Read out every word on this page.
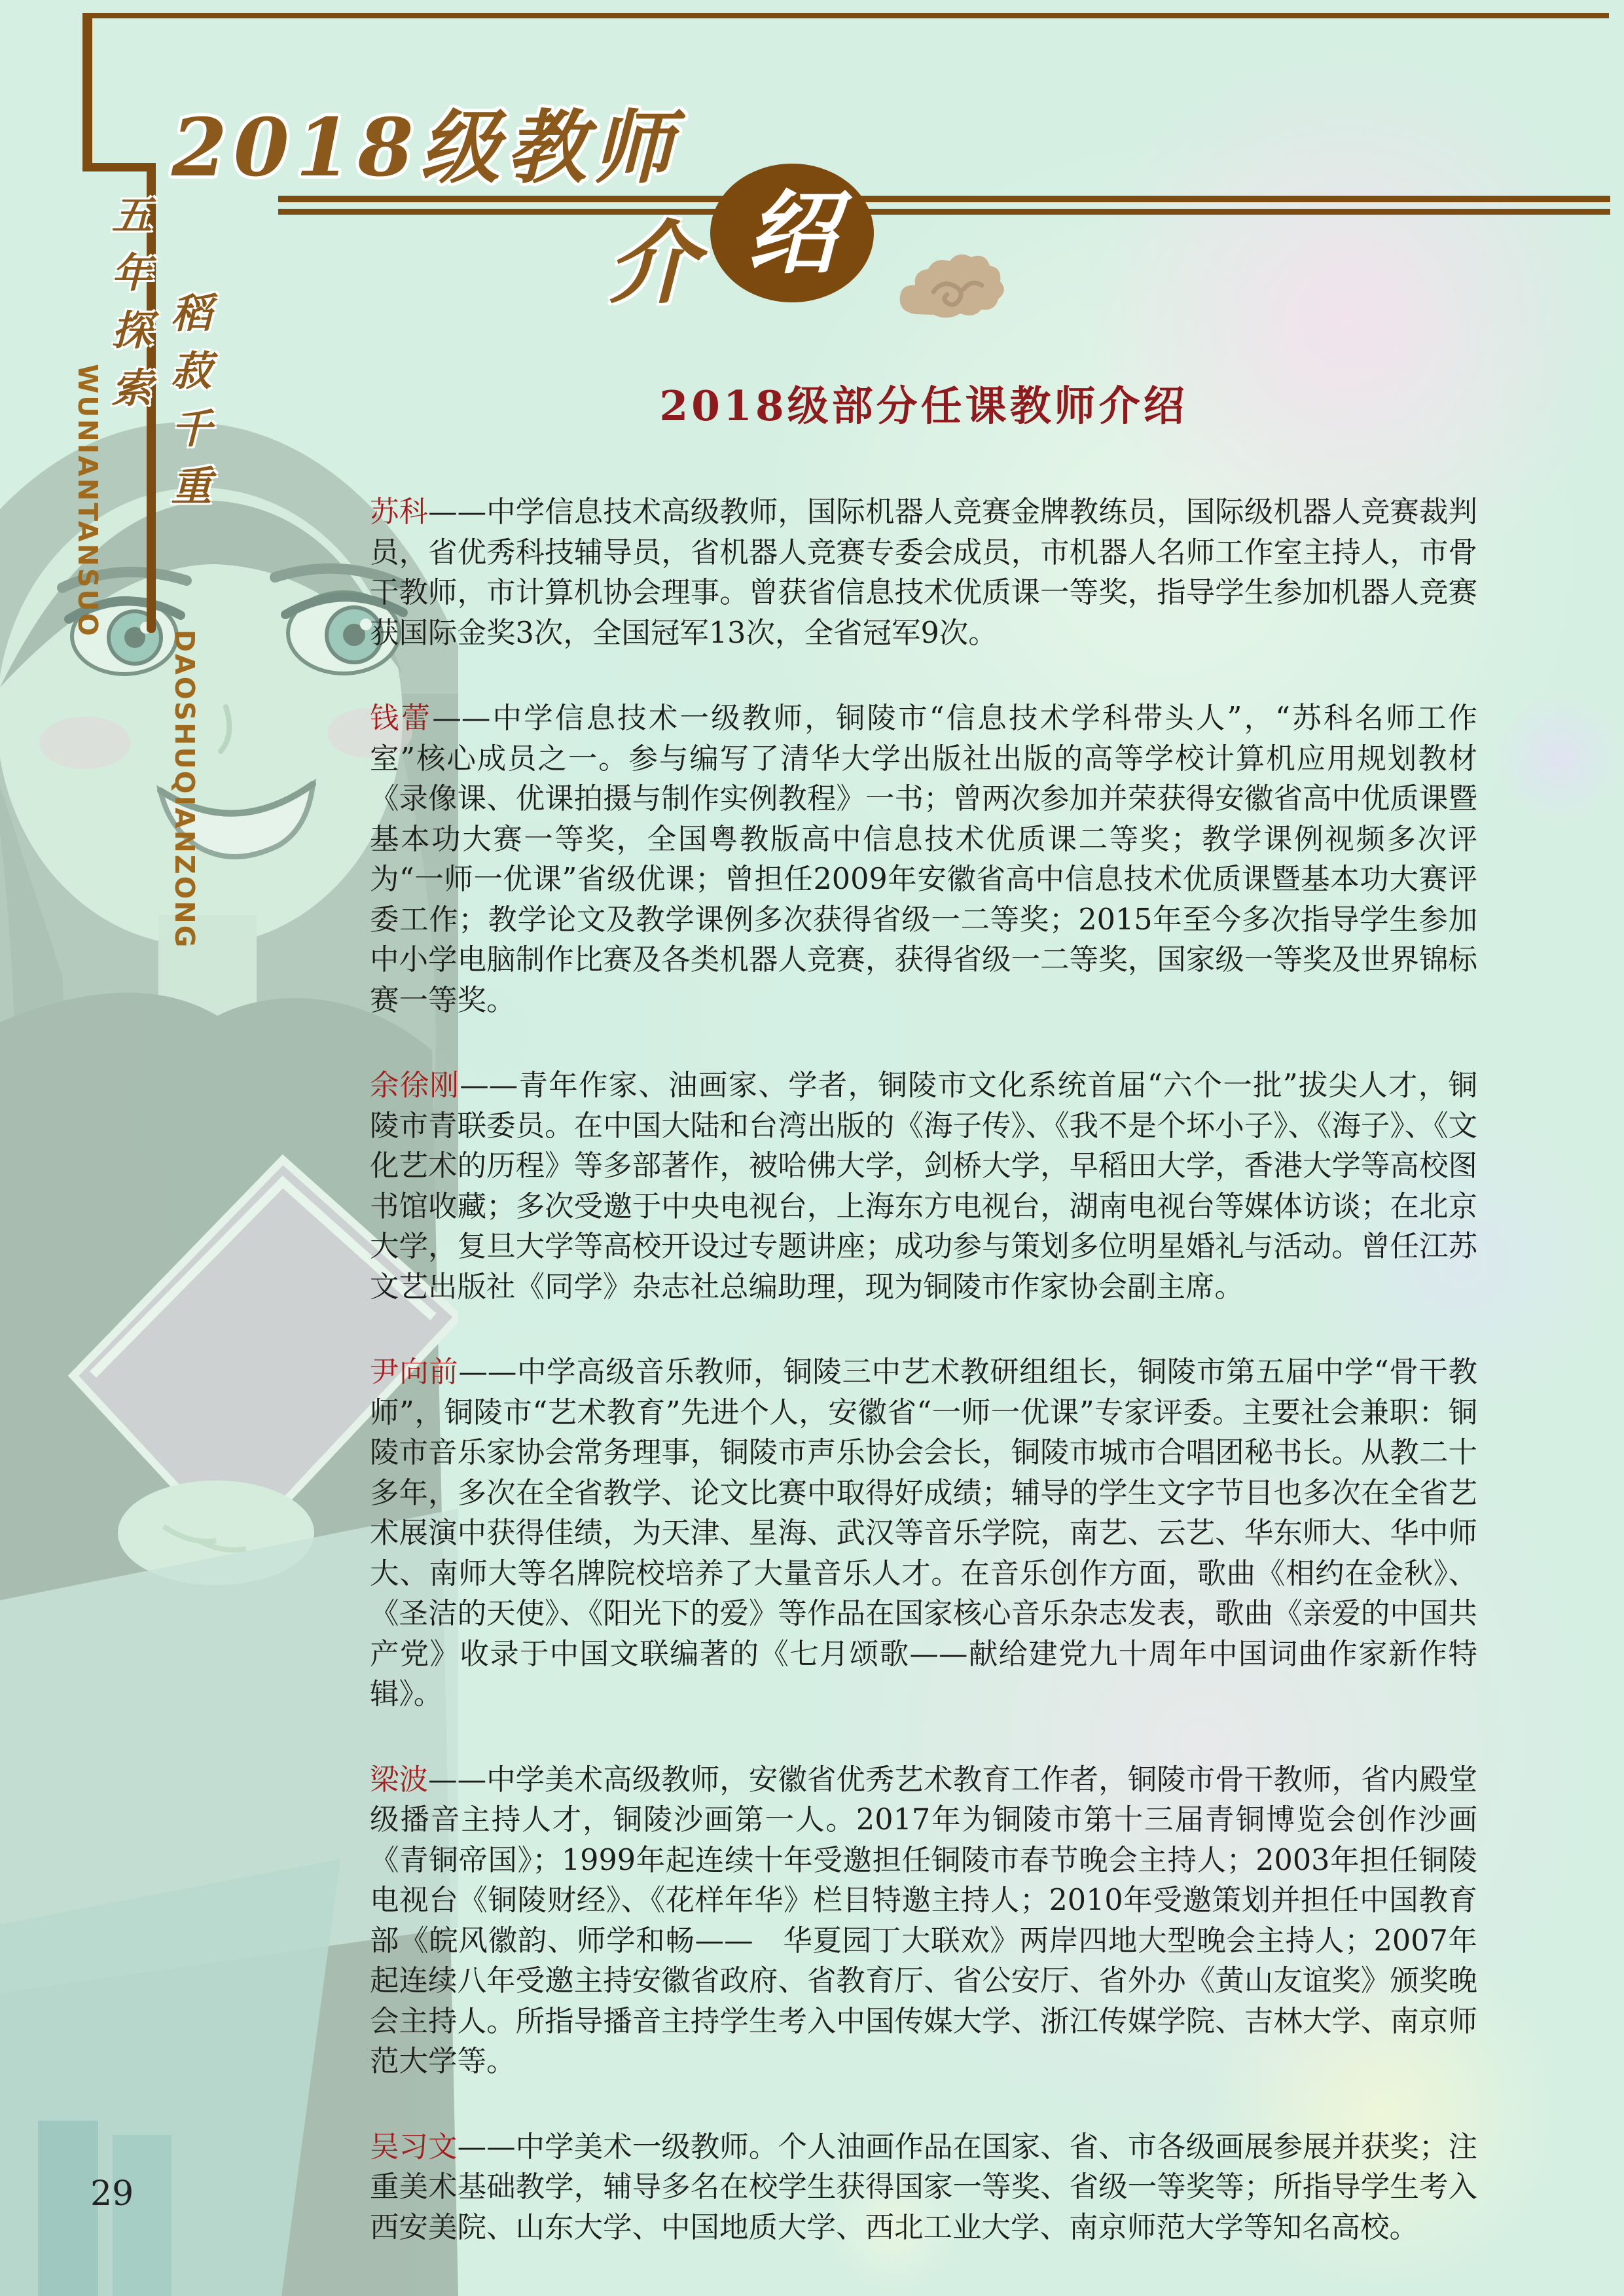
2018级教师
介 绍
五年探索
WUNIANTANSUO 稻菽千重
DAOSHUQIANZONG
2018级部分任课教师介绍

苏科——中学信息技术高级教师，国际机器人竞赛金牌教练员，国际级机器人竞赛裁判员，省优秀科技辅导员，省机器人竞赛专委会成员，市机器人名师工作室主持人，市骨干教师，市计算机协会理事。曾获省信息技术优质课一等奖，指导学生参加机器人竞赛获国际金奖3次，全国冠军13次，全省冠军9次。

钱蕾——中学信息技术一级教师，铜陵市“信息技术学科带头人”，“苏科名师工作室”核心成员之一。参与编写了清华大学出版社出版的高等学校计算机应用规划教材《录像课、优课拍摄与制作实例教程》一书；曾两次参加并荣获得安徽省高中优质课暨基本功大赛一等奖，全国粤教版高中信息技术优质课二等奖；教学课例视频多次评为“一师一优课”省级优课；曾担任2009年安徽省高中信息技术优质课暨基本功大赛评委工作；教学论文及教学课例多次获得省级一二等奖；2015年至今多次指导学生参加中小学电脑制作比赛及各类机器人竞赛，获得省级一二等奖，国家级一等奖及世界锦标赛一等奖。

余徐刚——青年作家、油画家、学者，铜陵市文化系统首届“六个一批”拔尖人才，铜陵市青联委员。在中国大陆和台湾出版的《海子传》、《我不是个坏小子》、《海子》、《文化艺术的历程》等多部著作，被哈佛大学，剑桥大学，早稻田大学，香港大学等高校图书馆收藏；多次受邀于中央电视台，上海东方电视台，湖南电视台等媒体访谈；在北京大学，复旦大学等高校开设过专题讲座；成功参与策划多位明星婚礼与活动。曾任江苏文艺出版社《同学》杂志社总编助理，现为铜陵市作家协会副主席。

尹向前——中学高级音乐教师，铜陵三中艺术教研组组长，铜陵市第五届中学“骨干教师”，铜陵市“艺术教育”先进个人，安徽省“一师一优课”专家评委。主要社会兼职：铜陵市音乐家协会常务理事，铜陵市声乐协会会长，铜陵市城市合唱团秘书长。从教二十多年，多次在全省教学、论文比赛中取得好成绩；辅导的学生文字节目也多次在全省艺术展演中获得佳绩，为天津、星海、武汉等音乐学院，南艺、云艺、华东师大、华中师大、南师大等名牌院校培养了大量音乐人才。在音乐创作方面，歌曲《相约在金秋》、《圣洁的天使》、《阳光下的爱》等作品在国家核心音乐杂志发表，歌曲《亲爱的中国共产党》收录于中国文联编著的《七月颂歌——献给建党九十周年中国词曲作家新作特辑》。

梁波——中学美术高级教师，安徽省优秀艺术教育工作者，铜陵市骨干教师，省内殿堂级播音主持人才，铜陵沙画第一人。2017年为铜陵市第十三届青铜博览会创作沙画《青铜帝国》；1999年起连续十年受邀担任铜陵市春节晚会主持人；2003年担任铜陵电视台《铜陵财经》、《花样年华》栏目特邀主持人；2010年受邀策划并担任中国教育部《皖风徽韵、师学和畅——　华夏园丁大联欢》两岸四地大型晚会主持人；2007年起连续八年受邀主持安徽省政府、省教育厅、省公安厅、省外办《黄山友谊奖》颁奖晚会主持人。所指导播音主持学生考入中国传媒大学、浙江传媒学院、吉林大学、南京师范大学等。

吴习文——中学美术一级教师。个人油画作品在国家、省、市各级画展参展并获奖；注重美术基础教学，辅导多名在校学生获得国家一等奖、省级一等奖等；所指导学生考入西安美院、山东大学、中国地质大学、西北工业大学、南京师范大学等知名高校。

29
